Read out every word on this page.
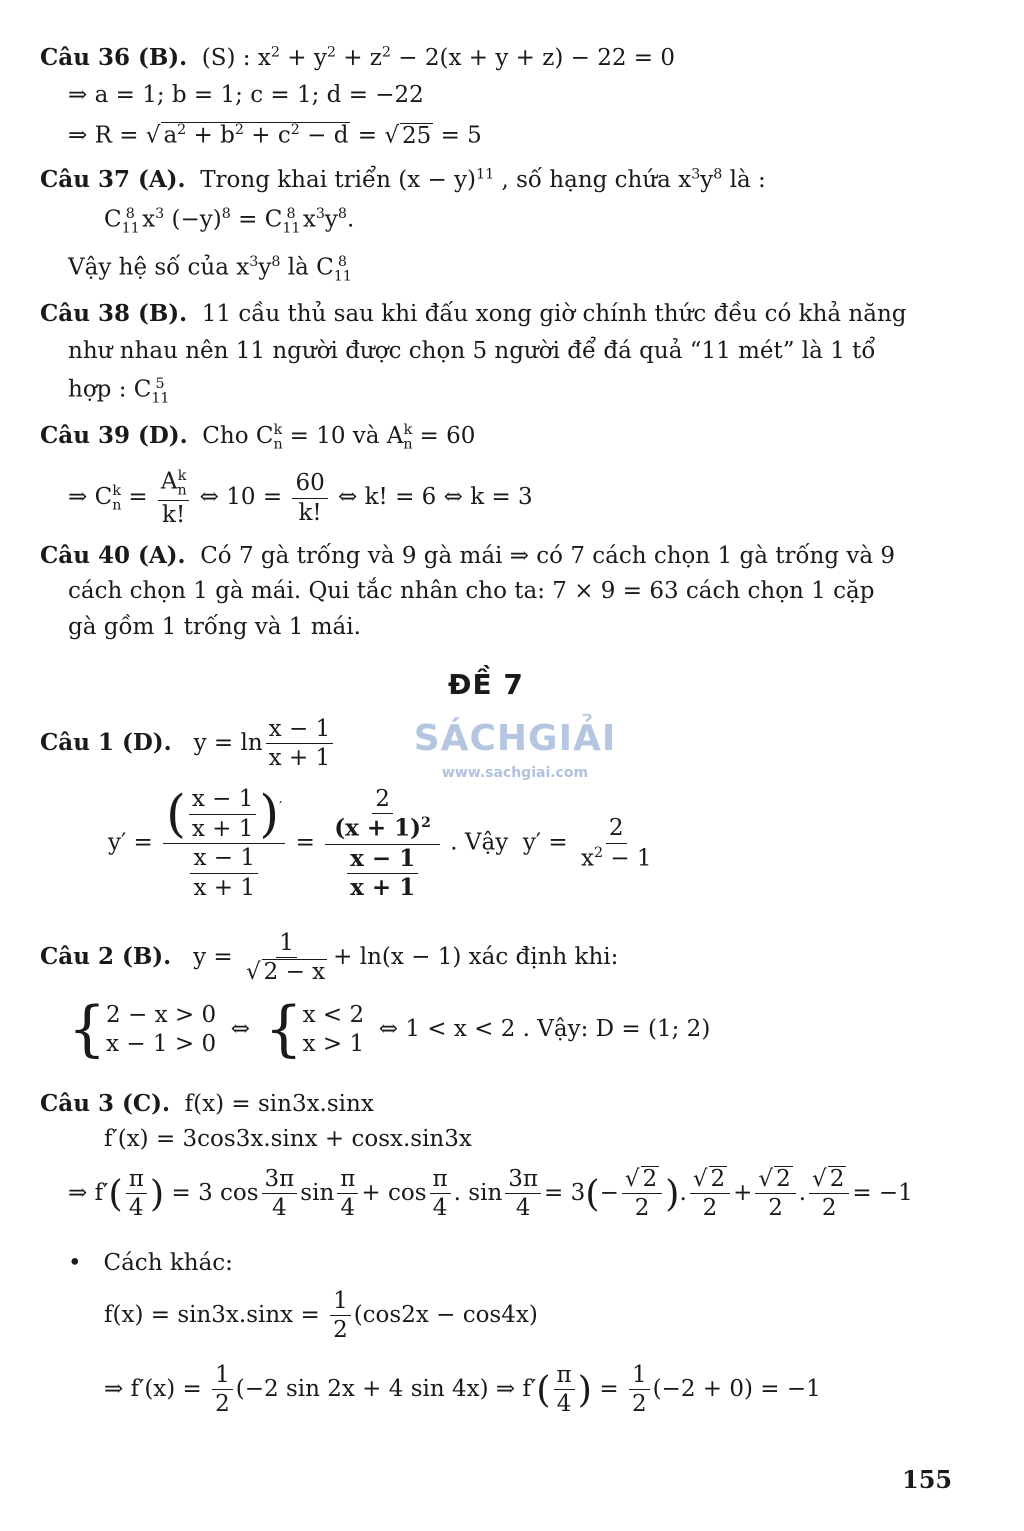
Câu 36 (B).  (S) : $x^2 + y^2 + z^2 - 2(x + y + z) - 22 = 0$
⇒ a = 1; b = 1; c = 1; d = −22
⇒ R = √ $a^2 + b^2 + c^2 - d$ = √ 25 = 5
Câu 37 (A).  Trong khai triển $(x - y)^{11}$ , số hạng chứa $x^3y^8$ là :
$C_{11}^8$ $x^3$ $(-y)^8 = C_{11}^8$ $x^3y^8$.
Vậy hệ số của $x^3y^8$ là $C_{11}^8$
Câu 38 (B).  11 cầu thủ sau khi đấu xong giờ chính thức đều có khả năng
như nhau nên 11 người được chọn 5 người để đá quả “11 mét” là 1 tổ
hợp : $C_{11}^5$
Câu 39 (D).  Cho $C_n^k = 10$ và $A_n^k = 60$
⇒ $C_n^k = \frac{A_n^k}{k!}$ ⇔ $10 = \frac{60}{k!}$ ⇔ k! = 6 ⇔ k = 3
Câu 40 (A).  Có 7 gà trống và 9 gà mái ⇒ có 7 cách chọn 1 gà trống và 9
cách chọn 1 gà mái. Qui tắc nhân cho ta: 7 × 9 = 63 cách chọn 1 cặp
gà gồm 1 trống và 1 mái.
ĐỀ 7
SÁCHGIẢI
www.sachgiai.com
Câu 1 (D).   $y = \ln \frac{x - 1}{x + 1}$
$y' = \frac{( \frac{x - 1}{x + 1} )'}{\frac{x - 1}{x + 1}} = \frac{\frac{2}{(x + 1)^2}}{\frac{x - 1}{x + 1}}$ . Vậy  $y' = \frac{2}{x^2 - 1}$
Câu 2 (B).   $y = \frac{1}{√ 2 - x} + \ln(x - 1)$ xác định khi:
{ 2 − x > 0
x − 1 > 0
⇔  { x < 2
x > 1
⇔ 1 < x < 2 . Vậy: D = (1; 2)
Câu 3 (C).  f(x) = sin3x.sinx
f′(x) = 3cos3x.sinx + cosx.sin3x
⇒ $f'( \frac{\pi}{4}$ ) = 3 $\cos \frac{3\pi}{4}$ $\sin \frac{\pi}{4} + \cos \frac{\pi}{4}$ . $\sin \frac{3\pi}{4} = 3(- \frac{√ 2}{2}$ ). $\frac{√ 2}{2} + \frac{√ 2}{2}$ . $\frac{√ 2}{2} = -1$
•   Cách khác:
$f(x) = \sin 3x.\sin x = \frac{1}{2} (\cos 2x - \cos 4x)$
⇒ $f'(x) = \frac{1}{2} (-2$ sin 2x + 4 sin 4x) ⇒ $f'( \frac{\pi}{4}$ ) = $\frac{1}{2} (-2 + 0) = -1$
155
